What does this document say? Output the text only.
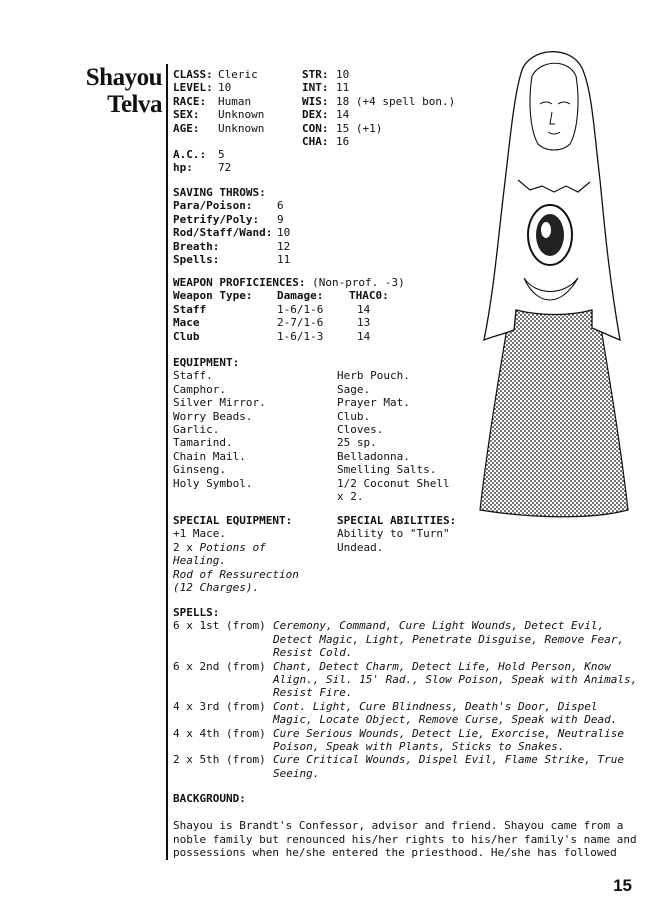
Shayou
Telva
CLASS: Cleric
LEVEL: 10
RACE: Human
SEX: Unknown
AGE: Unknown
STR: 10
INT: 11
WIS: 18 (+4 spell bon.)
DEX: 14
CON: 15 (+1)
CHA: 16
A.C.: 5
hp: 72
SAVING THROWS:
Para/Poison: 6
Petrify/Poly: 9
Rod/Staff/Wand: 10
Breath:	12
Spells:	11
WEAPON PROFICIENCES: (Non-prof. -3)
Weapon Type: Damage: THAC0:
Staff	1-6/1-6	14
Mace	2-7/1-6	13
Club	1-6/1-3	14
EQUIPMENT:
Staff.
Camphor.
Silver Mirror.
Worry Beads.
Garlic.
Tamarind.
Chain Mail.
Ginseng.
Holy Symbol.
Herb Pouch.
Sage.
Prayer Mat.
Club.
Cloves.
25 sp.
Belladonna.
Smelling Salts.
1/2 Coconut Shell
x 2.
SPECIAL EQUIPMENT:
+1 Mace.
2 x Potions of
Healing.
Rod of Ressurection
(12 Charges).
SPECIAL ABILITIES:
Ability to "Turn"
Undead.
SPELLS:
6 x 1st (from) Ceremony, Command, Cure Light Wounds, Detect Evil, Detect Magic, Light, Penetrate Disguise, Remove Fear, Resist Cold.
6 x 2nd (from) Chant, Detect Charm, Detect Life, Hold Person, Know Align., Sil. 15' Rad., Slow Poison, Speak with Animals, Resist Fire.
4 x 3rd (from) Cont. Light, Cure Blindness, Death's Door, Dispel Magic, Locate Object, Remove Curse, Speak with Dead.
4 x 4th (from) Cure Serious Wounds, Detect Lie, Exorcise, Neutralise Poison, Speak with Plants, Sticks to Snakes.
2 x 5th (from) Cure Critical Wounds, Dispel Evil, Flame Strike, True Seeing.
BACKGROUND:
Shayou is Brandt's Confessor, advisor and friend. Shayou came from a noble family but renounced his/her rights to his/her family's name and possessions when he/she entered the priesthood. He/she has followed
15
